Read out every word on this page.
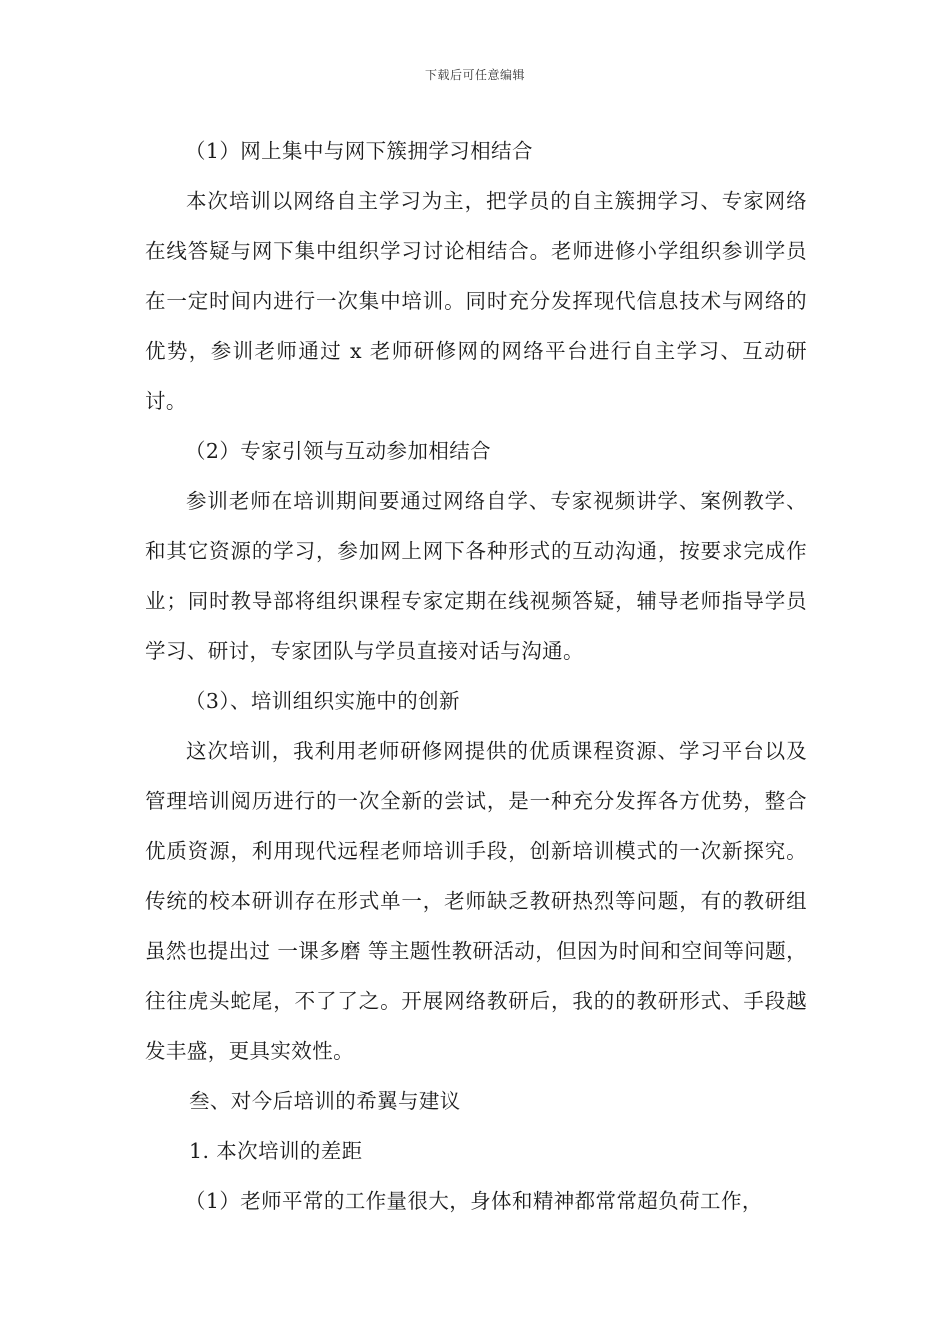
下载后可任意编辑

（1）网上集中与网下簇拥学习相结合

本次培训以网络自主学习为主，把学员的自主簇拥学习、专家网络在线答疑与网下集中组织学习讨论相结合。老师进修小学组织参训学员在一定时间内进行一次集中培训。同时充分发挥现代信息技术与网络的优势，参训老师通过 x 老师研修网的网络平台进行自主学习、互动研讨。

（2）专家引领与互动参加相结合

参训老师在培训期间要通过网络自学、专家视频讲学、案例教学、和其它资源的学习，参加网上网下各种形式的互动沟通，按要求完成作业；同时教导部将组织课程专家定期在线视频答疑，辅导老师指导学员学习、研讨，专家团队与学员直接对话与沟通。

（3）、培训组织实施中的创新

这次培训，我利用老师研修网提供的优质课程资源、学习平台以及管理培训阅历进行的一次全新的尝试，是一种充分发挥各方优势，整合优质资源，利用现代远程老师培训手段，创新培训模式的一次新探究。传统的校本研训存在形式单一，老师缺乏教研热烈等问题，有的教研组虽然也提出过 一课多磨 等主题性教研活动，但因为时间和空间等问题，往往虎头蛇尾，不了了之。开展网络教研后，我的的教研形式、手段越发丰盛，更具实效性。

叁、对今后培训的希翼与建议

1. 本次培训的差距

（1）老师平常的工作量很大，身体和精神都常常超负荷工作，
